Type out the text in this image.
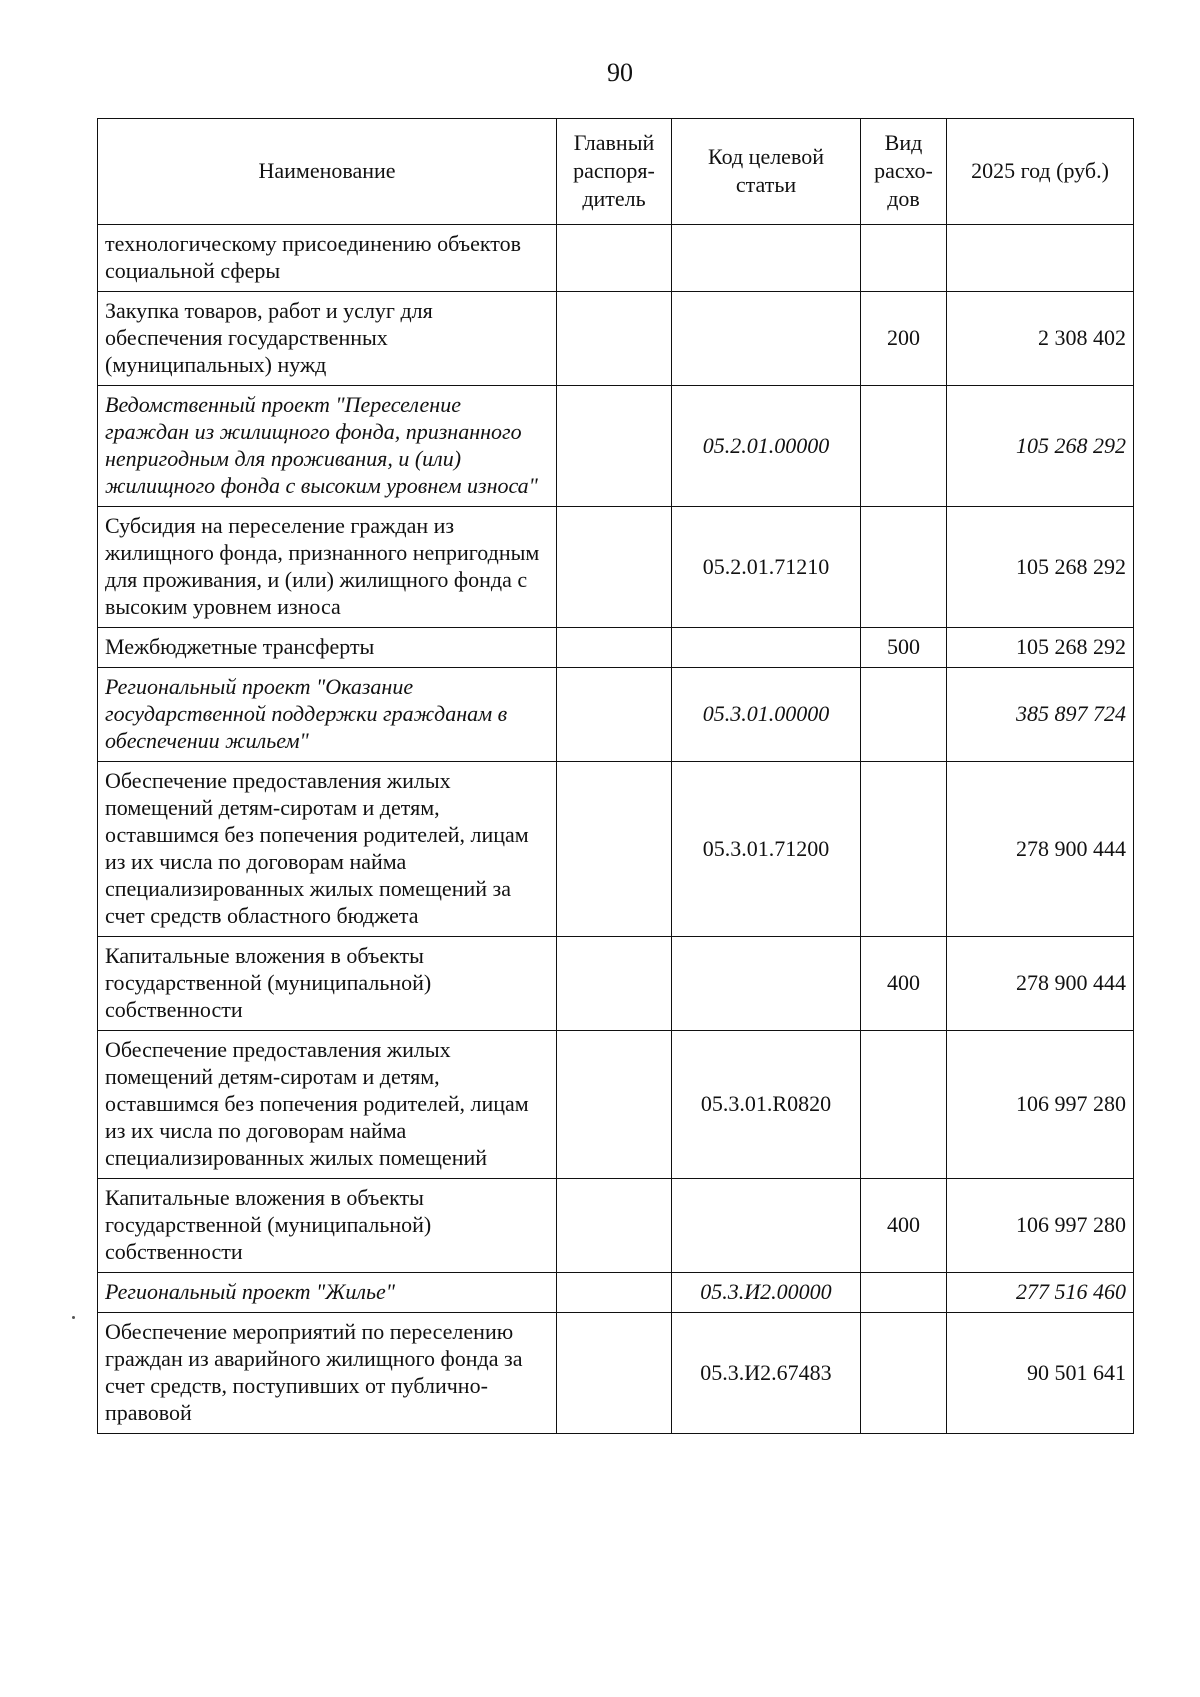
90
Наименование	Главный распоря-дитель	Код целевой статьи	Вид расхо-дов	2025 год (руб.)
технологическому присоединению объектов социальной сферы				
Закупка товаров, работ и услуг для обеспечения государственных (муниципальных) нужд			200	2 308 402
Ведомственный проект "Переселение граждан из жилищного фонда, признанного непригодным для проживания, и (или) жилищного фонда с высоким уровнем износа"		05.2.01.00000		105 268 292
Субсидия на переселение граждан из жилищного фонда, признанного непригодным для проживания, и (или) жилищного фонда с высоким уровнем износа		05.2.01.71210		105 268 292
Межбюджетные трансферты			500	105 268 292
Региональный проект "Оказание государственной поддержки гражданам в обеспечении жильем"		05.3.01.00000		385 897 724
Обеспечение предоставления жилых помещений детям-сиротам и детям, оставшимся без попечения родителей, лицам из их числа по договорам найма специализированных жилых помещений за счет средств областного бюджета		05.3.01.71200		278 900 444
Капитальные вложения в объекты государственной (муниципальной) собственности			400	278 900 444
Обеспечение предоставления жилых помещений детям-сиротам и детям, оставшимся без попечения родителей, лицам из их числа по договорам найма специализированных жилых помещений		05.3.01.R0820		106 997 280
Капитальные вложения в объекты государственной (муниципальной) собственности			400	106 997 280
Региональный проект "Жилье"		05.3.И2.00000		277 516 460
Обеспечение мероприятий по переселению граждан из аварийного жилищного фонда за счет средств, поступивших от публично-правовой		05.3.И2.67483		90 501 641
